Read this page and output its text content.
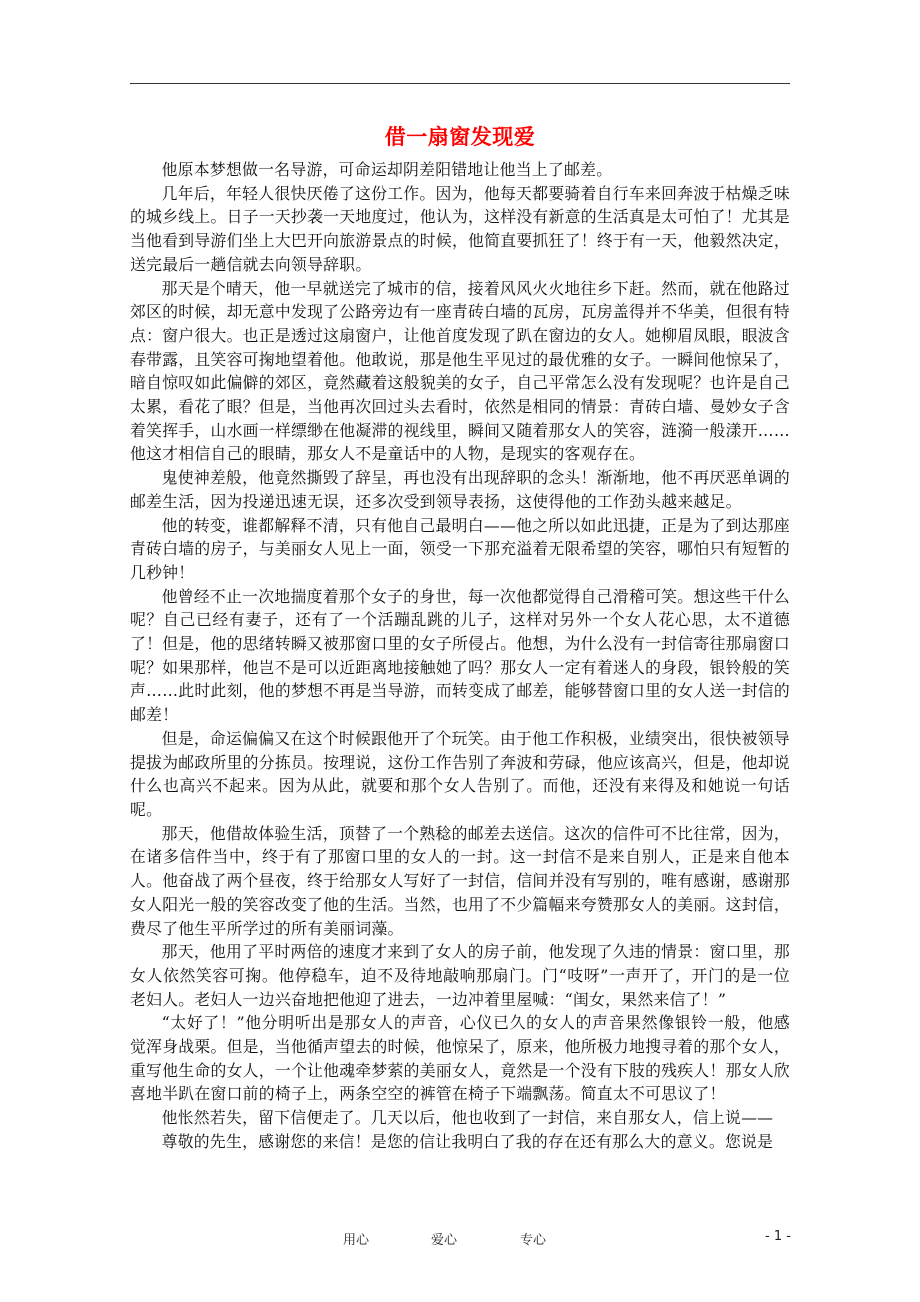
借一扇窗发现爱

他原本梦想做一名导游，可命运却阴差阳错地让他当上了邮差。

几年后，年轻人很快厌倦了这份工作。因为，他每天都要骑着自行车来回奔波于枯燥乏味的城乡线上。日子一天抄袭一天地度过，他认为，这样没有新意的生活真是太可怕了！尤其是当他看到导游们坐上大巴开向旅游景点的时候，他简直要抓狂了！终于有一天，他毅然决定，送完最后一趟信就去向领导辞职。

那天是个晴天，他一早就送完了城市的信，接着风风火火地往乡下赶。然而，就在他路过郊区的时候，却无意中发现了公路旁边有一座青砖白墙的瓦房，瓦房盖得并不华美，但很有特点：窗户很大。也正是透过这扇窗户，让他首度发现了趴在窗边的女人。她柳眉凤眼，眼波含春带露，且笑容可掬地望着他。他敢说，那是他生平见过的最优雅的女子。一瞬间他惊呆了，暗自惊叹如此偏僻的郊区，竟然藏着这般貌美的女子，自己平常怎么没有发现呢？也许是自己太累，看花了眼？但是，当他再次回过头去看时，依然是相同的情景：青砖白墙、曼妙女子含着笑挥手，山水画一样缥缈在他凝滞的视线里，瞬间又随着那女人的笑容，涟漪一般漾开……他这才相信自己的眼睛，那女人不是童话中的人物，是现实的客观存在。

鬼使神差般，他竟然撕毁了辞呈，再也没有出现辞职的念头！渐渐地，他不再厌恶单调的邮差生活，因为投递迅速无误，还多次受到领导表扬，这使得他的工作劲头越来越足。

他的转变，谁都解释不清，只有他自己最明白——他之所以如此迅捷，正是为了到达那座青砖白墙的房子，与美丽女人见上一面，领受一下那充溢着无限希望的笑容，哪怕只有短暂的几秒钟！

他曾经不止一次地揣度着那个女子的身世，每一次他都觉得自己滑稽可笑。想这些干什么呢？自己已经有妻子，还有了一个活蹦乱跳的儿子，这样对另外一个女人花心思，太不道德了！但是，他的思绪转瞬又被那窗口里的女子所侵占。他想，为什么没有一封信寄往那扇窗口呢？如果那样，他岂不是可以近距离地接触她了吗？那女人一定有着迷人的身段，银铃般的笑声……此时此刻，他的梦想不再是当导游，而转变成了邮差，能够替窗口里的女人送一封信的邮差！

但是，命运偏偏又在这个时候跟他开了个玩笑。由于他工作积极，业绩突出，很快被领导提拔为邮政所里的分拣员。按理说，这份工作告别了奔波和劳碌，他应该高兴，但是，他却说什么也高兴不起来。因为从此，就要和那个女人告别了。而他，还没有来得及和她说一句话呢。

那天，他借故体验生活，顶替了一个熟稔的邮差去送信。这次的信件可不比往常，因为，在诸多信件当中，终于有了那窗口里的女人的一封。这一封信不是来自别人，正是来自他本人。他奋战了两个昼夜，终于给那女人写好了一封信，信间并没有写别的，唯有感谢，感谢那女人阳光一般的笑容改变了他的生活。当然，也用了不少篇幅来夸赞那女人的美丽。这封信，费尽了他生平所学过的所有美丽词藻。

那天，他用了平时两倍的速度才来到了女人的房子前，他发现了久违的情景：窗口里，那女人依然笑容可掬。他停稳车，迫不及待地敲响那扇门。门“吱呀”一声开了，开门的是一位老妇人。老妇人一边兴奋地把他迎了进去，一边冲着里屋喊：“闺女，果然来信了！”

“太好了！”他分明听出是那女人的声音，心仪已久的女人的声音果然像银铃一般，他感觉浑身战栗。但是，当他循声望去的时候，他惊呆了，原来，他所极力地搜寻着的那个女人，重写他生命的女人，一个让他魂牵梦萦的美丽女人，竟然是一个没有下肢的残疾人！那女人欣喜地半趴在窗口前的椅子上，两条空空的裤管在椅子下端飘荡。简直太不可思议了！

他怅然若失，留下信便走了。几天以后，他也收到了一封信，来自那女人，信上说——

尊敬的先生，感谢您的来信！是您的信让我明白了我的存在还有那么大的意义。您说是

用心	爱心	专心	- 1 -
